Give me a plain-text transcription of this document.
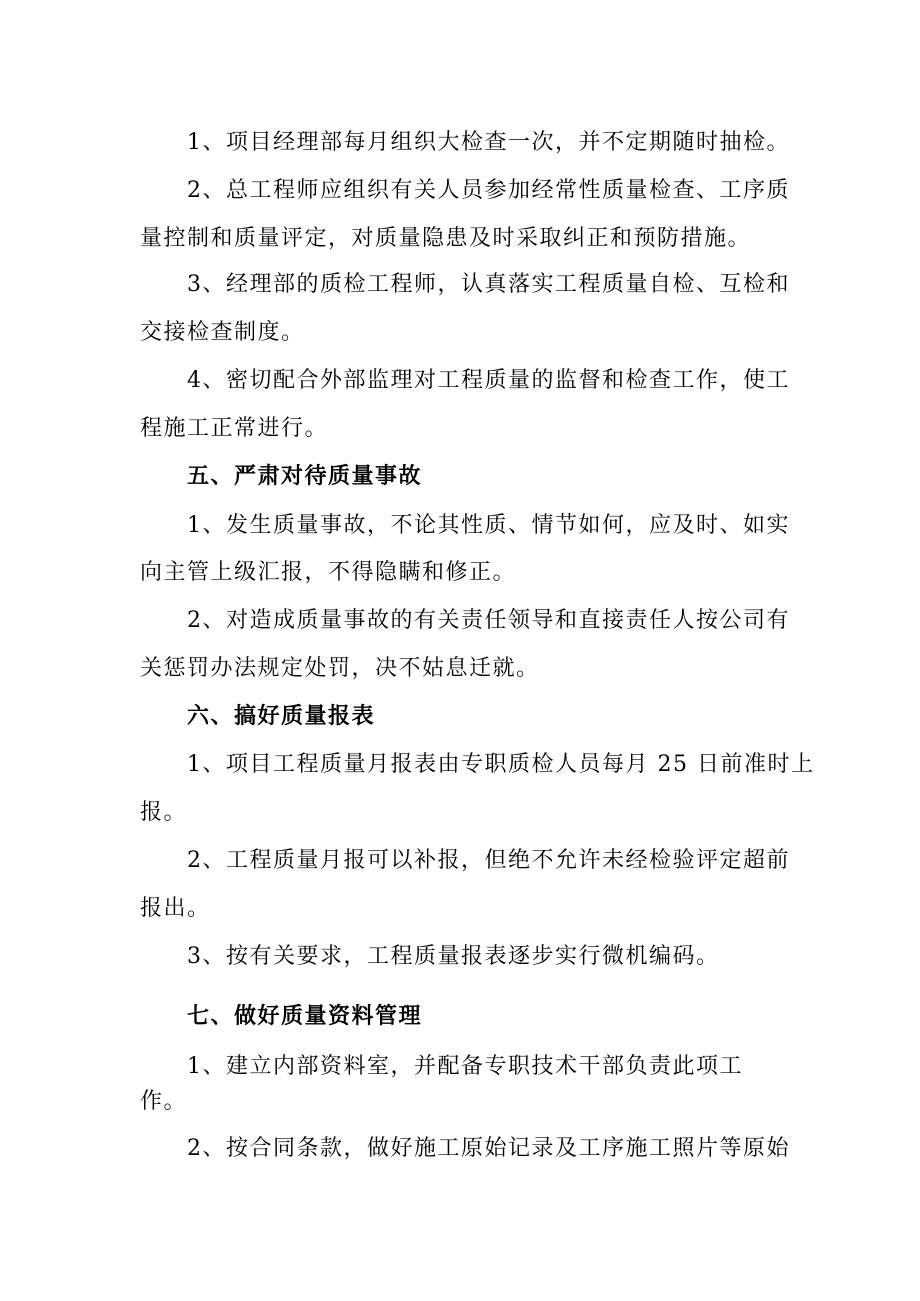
1、项目经理部每月组织大检查一次，并不定期随时抽检。
2、总工程师应组织有关人员参加经常性质量检查、工序质
量控制和质量评定，对质量隐患及时采取纠正和预防措施。
3、经理部的质检工程师，认真落实工程质量自检、互检和
交接检查制度。
4、密切配合外部监理对工程质量的监督和检查工作，使工
程施工正常进行。
五、严肃对待质量事故
1、发生质量事故，不论其性质、情节如何，应及时、如实
向主管上级汇报，不得隐瞒和修正。
2、对造成质量事故的有关责任领导和直接责任人按公司有
关惩罚办法规定处罚，决不姑息迁就。
六、搞好质量报表
1、项目工程质量月报表由专职质检人员每月 25 日前准时上
报。
2、工程质量月报可以补报，但绝不允许未经检验评定超前
报出。
3、按有关要求，工程质量报表逐步实行微机编码。
七、做好质量资料管理
1、建立内部资料室，并配备专职技术干部负责此项工
作。
2、按合同条款，做好施工原始记录及工序施工照片等原始
